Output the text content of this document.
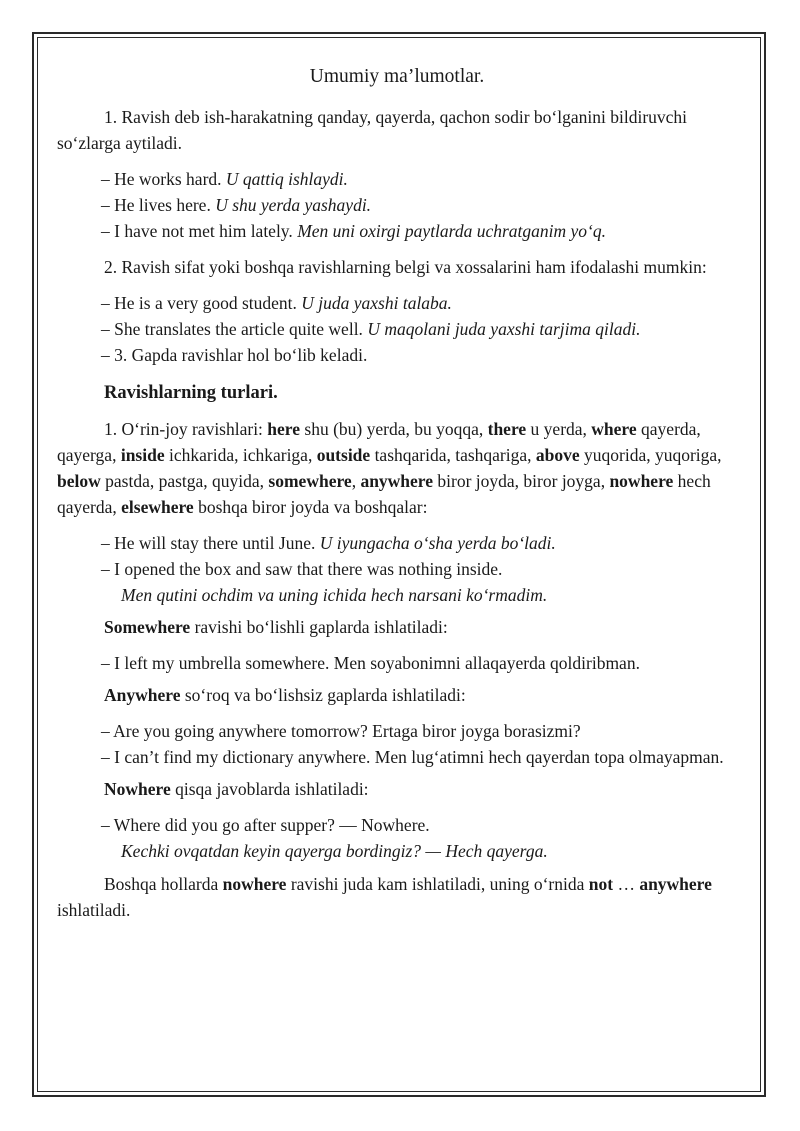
Umumiy ma’lumotlar.

1. Ravish deb ish-harakatning qanday, qayerda, qachon sodir bo‘lganini bildiruvchi so‘zlarga aytiladi.

– He works hard. U qattiq ishlaydi.

– He lives here. U shu yerda yashaydi.

– I have not met him lately. Men uni oxirgi paytlarda uchratganim yo‘q.

2. Ravish sifat yoki boshqa ravishlarning belgi va xossalarini ham ifodalashi mumkin:

– He is a very good student. U juda yaxshi talaba.

– She translates the article quite well. U maqolani juda yaxshi tarjima qiladi.

– 3. Gapda ravishlar hol bo‘lib keladi.

Ravishlarning turlari.

1. O‘rin-joy ravishlari: here shu (bu) yerda, bu yoqqa, there u yerda, where qayerda, qayerga, inside ichkarida, ichkariga, outside tashqarida, tashqariga, above yuqorida, yuqoriga, below pastda, pastga, quyida, somewhere, anywhere biror joyda, biror joyga, nowhere hech qayerda, elsewhere boshqa biror joyda va boshqalar:

– He will stay there until June. U iyungacha o‘sha yerda bo‘ladi.

– I opened the box and saw that there was nothing inside.

Men qutini ochdim va uning ichida hech narsani ko‘rmadim.

Somewhere ravishi bo‘lishli gaplarda ishlatiladi:

– I left my umbrella somewhere. Men soyabonimni allaqayerda qoldiribman.

Anywhere so‘roq va bo‘lishsiz gaplarda ishlatiladi:

– Are you going anywhere tomorrow? Ertaga biror joyga borasizmi?

– I can’t find my dictionary anywhere. Men lug‘atimni hech qayerdan topa olmayapman.

Nowhere qisqa javoblarda ishlatiladi:

– Where did you go after supper? — Nowhere.

Kechki ovqatdan keyin qayerga bordingiz? — Hech qayerga.

Boshqa hollarda nowhere ravishi juda kam ishlatiladi, uning o‘rnida not … anywhere ishlatiladi.
